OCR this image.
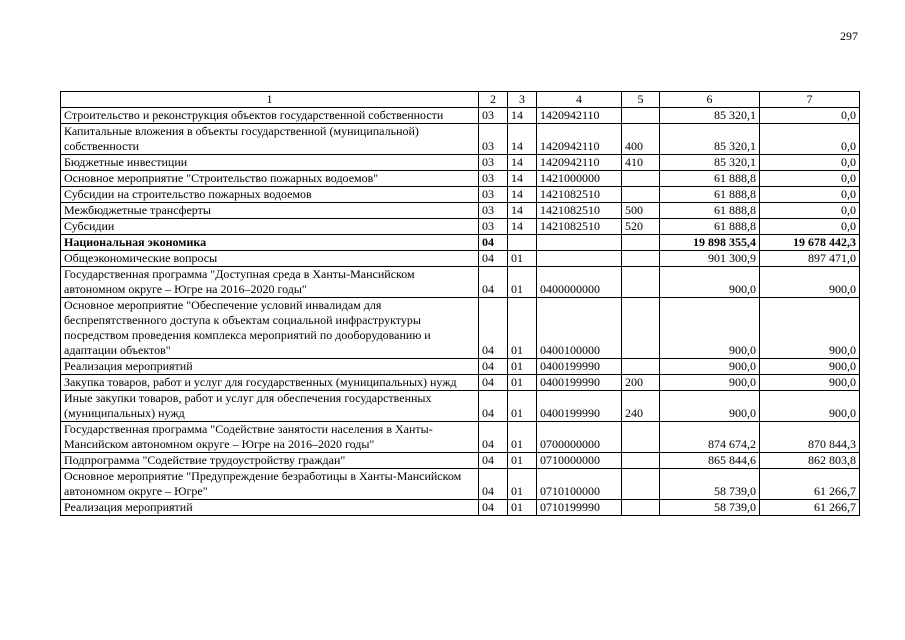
297
1	2	3	4	5	6	7
Строительство и реконструкция объектов государственной собственности	03	14	1420942110		85 320,1	0,0
Капитальные вложения в объекты государственной (муниципальной) собственности	03	14	1420942110	400	85 320,1	0,0
Бюджетные инвестиции	03	14	1420942110	410	85 320,1	0,0
Основное мероприятие "Строительство пожарных водоемов"	03	14	1421000000		61 888,8	0,0
Субсидии на строительство пожарных водоемов	03	14	1421082510		61 888,8	0,0
Межбюджетные трансферты	03	14	1421082510	500	61 888,8	0,0
Субсидии	03	14	1421082510	520	61 888,8	0,0
Национальная экономика	04				19 898 355,4	19 678 442,3
Общеэкономические вопросы	04	01			901 300,9	897 471,0
Государственная программа "Доступная среда в Ханты-Мансийском автономном округе – Югре на 2016–2020 годы"	04	01	0400000000		900,0	900,0
Основное мероприятие "Обеспечение условий инвалидам для беспрепятственного доступа к объектам социальной инфраструктуры посредством проведения комплекса мероприятий по дооборудованию и адаптации объектов"	04	01	0400100000		900,0	900,0
Реализация мероприятий	04	01	0400199990		900,0	900,0
Закупка товаров, работ и услуг для государственных (муниципальных) нужд	04	01	0400199990	200	900,0	900,0
Иные закупки товаров, работ и услуг для обеспечения государственных (муниципальных) нужд	04	01	0400199990	240	900,0	900,0
Государственная программа "Содействие занятости населения в Ханты-Мансийском автономном округе – Югре на 2016–2020 годы"	04	01	0700000000		874 674,2	870 844,3
Подпрограмма "Содействие трудоустройству граждан"	04	01	0710000000		865 844,6	862 803,8
Основное мероприятие "Предупреждение безработицы в Ханты-Мансийском автономном округе – Югре"	04	01	0710100000		58 739,0	61 266,7
Реализация мероприятий	04	01	0710199990		58 739,0	61 266,7
